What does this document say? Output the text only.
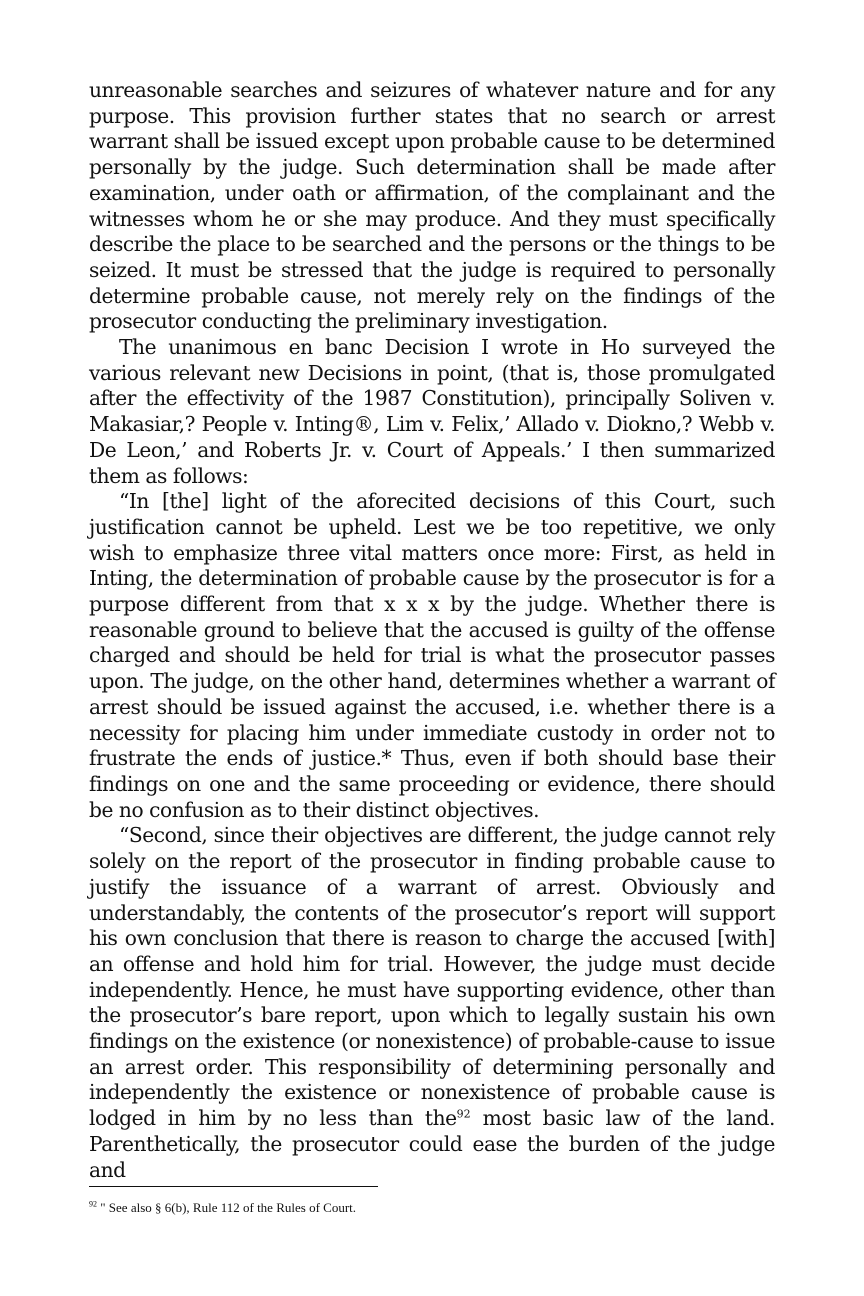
unreasonable searches and seizures of whatever nature and for any purpose. This provision further states that no search or arrest warrant shall be issued except upon probable cause to be determined personally by the judge. Such determination shall be made after examination, under oath or affirmation, of the complainant and the witnesses whom he or she may produce. And they must specifically describe the place to be searched and the persons or the things to be seized. It must be stressed that the judge is required to personally determine probable cause, not merely rely on the findings of the prosecutor conducting the preliminary investigation.

The unanimous en banc Decision I wrote in Ho surveyed the various relevant new Decisions in point, (that is, those promulgated after the effectivity of the 1987 Constitution), principally Soliven v. Makasiar,? People v. Inting®, Lim v. Felix,’ Allado v. Diokno,? Webb v. De Leon,’ and Roberts Jr. v. Court of Appeals.’ I then summarized them as follows:

“In [the] light of the aforecited decisions of this Court, such justification cannot be upheld. Lest we be too repetitive, we only wish to emphasize three vital matters once more: First, as held in Inting, the determination of probable cause by the prosecutor is for a purpose different from that x x x by the judge. Whether there is reasonable ground to believe that the accused is guilty of the offense charged and should be held for trial is what the prosecutor passes upon. The judge, on the other hand, determines whether a warrant of arrest should be issued against the accused, i.e. whether there is a necessity for placing him under immediate custody in order not to frustrate the ends of justice.* Thus, even if both should base their findings on one and the same proceeding or evidence, there should be no confusion as to their distinct objectives.

“Second, since their objectives are different, the judge cannot rely solely on the report of the prosecutor in finding probable cause to justify the issuance of a warrant of arrest. Obviously and understandably, the contents of the prosecutor’s report will support his own conclusion that there is reason to charge the accused [with] an offense and hold him for trial. However, the judge must decide independently. Hence, he must have supporting evidence, other than the prosecutor’s bare report, upon which to legally sustain his own findings on the existence (or nonexistence) of probable-cause to issue an arrest order. This responsibility of determining personally and independently the existence or nonexistence of probable cause is lodged in him by no less than the$^{92}$ most basic law of the land. Parenthetically, the prosecutor could ease the burden of the judge and

$^{92}$ " See also § 6(b), Rule 112 of the Rules of Court.
